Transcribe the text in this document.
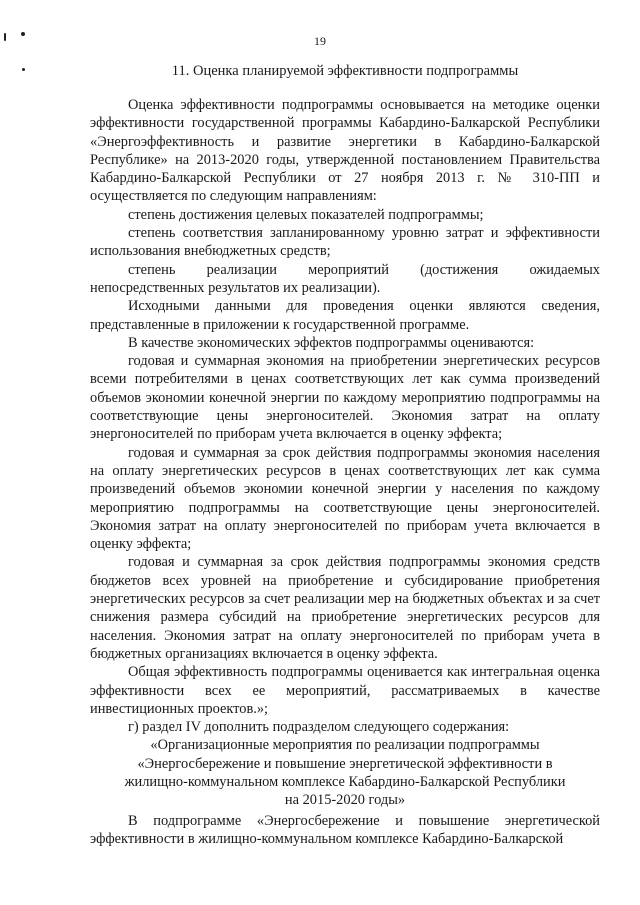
19
11. Оценка планируемой эффективности подпрограммы

Оценка эффективности подпрограммы основывается на методике оценки эффективности государственной программы Кабардино-Балкарской Республики «Энергоэффективность и развитие энергетики в Кабардино-Балкарской Республике» на 2013-2020 годы, утвержденной постановлением Правительства Кабардино-Балкарской Республики от 27 ноября 2013 г. № 310-ПП и осуществляется по следующим направлениям:

степень достижения целевых показателей подпрограммы;

степень соответствия запланированному уровню затрат и эффективности использования внебюджетных средств;

степень реализации мероприятий (достижения ожидаемых непосредственных результатов их реализации).

Исходными данными для проведения оценки являются сведения, представленные в приложении к государственной программе.

В качестве экономических эффектов подпрограммы оцениваются:

годовая и суммарная экономия на приобретении энергетических ресурсов всеми потребителями в ценах соответствующих лет как сумма произведений объемов экономии конечной энергии по каждому мероприятию подпрограммы на соответствующие цены энергоносителей. Экономия затрат на оплату энергоносителей по приборам учета включается в оценку эффекта;

годовая и суммарная за срок действия подпрограммы экономия населения на оплату энергетических ресурсов в ценах соответствующих лет как сумма произведений объемов экономии конечной энергии у населения по каждому мероприятию подпрограммы на соответствующие цены энергоносителей. Экономия затрат на оплату энергоносителей по приборам учета включается в оценку эффекта;

годовая и суммарная за срок действия подпрограммы экономия средств бюджетов всех уровней на приобретение и субсидирование приобретения энергетических ресурсов за счет реализации мер на бюджетных объектах и за счет снижения размера субсидий на приобретение энергетических ресурсов для населения. Экономия затрат на оплату энергоносителей по приборам учета в бюджетных организациях включается в оценку эффекта.

Общая эффективность подпрограммы оценивается как интегральная оценка эффективности всех ее мероприятий, рассматриваемых в качестве инвестиционных проектов.»;

г) раздел IV дополнить подразделом следующего содержания:

«Организационные мероприятия по реализации подпрограммы

«Энергосбережение и повышение энергетической эффективности в

жилищно-коммунальном комплексе Кабардино-Балкарской Республики

на 2015-2020 годы»

В подпрограмме «Энергосбережение и повышение энергетической эффективности в жилищно-коммунальном комплексе Кабардино-Балкарской
